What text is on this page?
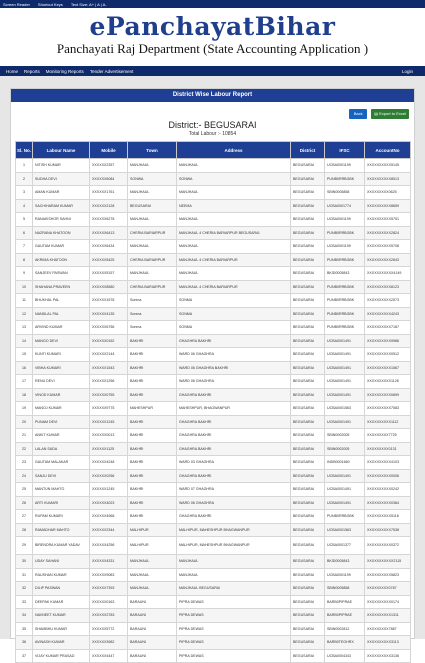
Screen Reader Shortcut Keys Text Size: A+ | A | A-
ePanchayatBihar
Panchayati Raj Department (State Accounting Application )
Home Reports Monitoring Reports Tender Advertisement	Login
District Wise Labour Report
Back	▤ Export to Excel
District:- BEGUSARAI
Total Labour :- 10854
Sl. No.	Labour Name	Mobile	Town	Address	District	IFSC	AccountNo
1	NITISH KUMAR	XXXXXX2357	MANJHAUL	MANJHAUL	BEGUSARAI	UCBA0001199	XXXXXXXXXX5145
2	SUDHA DEVI	XXXXXX6084	SONWA	SONWA	BEGUSARAI	PUNB0RRBGBK	XXXXXXXXXX8513
3	AMAN KUMAR	XXXXXX1761	MANJHAUL	MANJHAUL	BEGUSARAI	SBIN0005858	XXXXXXXXX0625
4	SACHIHARAM KUMAR	XXXXXX2128	BEGUSARAI	NEEMA	BEGUSARAI	UCBA0001774	XXXXXXXXXX8659
5	RANAKISHOR SAHNI	XXXXXX6278	MANJHAUL	MANJHAUL	BEGUSARAI	UCBA0001199	XXXXXXXXXX5751
6	NAZRANA KHATOON	XXXXXX6413	CHERIA BARIARPUR	MANJHAUL 4 CHERIA BARIARPUR BEGUSARAI	BEGUSARAI	PUNB0RRBGBK	XXXXXXXXXX2824
7	GAUTAM KUMAR	XXXXXX6434	MANJHAUL	MANJHAUL	BEGUSARAI	UCBA0001199	XXXXXXXXXX5708
8	AKRIMA KHATOON	XXXXXX5425	CHERIA BARIARPUR	MANJHAUL 4 CHERIA BARIARPUR	BEGUSARAI	PUNB0RRBGBK	XXXXXXXXXX2843
9	SANJEEV PASWAN	XXXXXX5157	MANJHAUL	MANJHAUL	BEGUSARAI	BKID0005843	XXXXXXXXXXX4149
10	SHAHANA PRAVEEN	XXXXXX8580	CHERIA BARIARPUR	MANJHAUL 4 CHERIA BARIARPUR	BEGUSARAI	PUNB0RRBGBK	XXXXXXXXXX8123
11	BHUKHAL PAL	XXXXXX1578	Sonma	SONMA	BEGUSARAI	PUNB0RRBGBK	XXXXXXXXXX2573
12	NANDLAL PAL	XXXXXX4135	Sonma	SONMA	BEGUSARAI	PUNB0RRBGBK	XXXXXXXXXX4243
13	ARVIND KUMAR	XXXXXX6756	Sonma	SONMA	BEGUSARAI	PUNB0RRBGBK	XXXXXXXXXX7187
14	MANGO DEVI	XXXXXX0152	BAKHRI	GHAGHRA BAKHRI	BEGUSARAI	UCBA0001491	XXXXXXXXXX9986
15	KUNTI KUMARI	XXXXXX2144	BAKHRI	WARD 06 GHAGHRA	BEGUSARAI	UCBA0001491	XXXXXXXXXX0512
16	VIBHA KUMARI	XXXXXX1543	BAKHRI	WARD 06 GHAGHRA BAKHRI	BEGUSARAI	UCBA0001491	XXXXXXXXXX1567
17	RENU DEVI	XXXXXX1256	BAKHRI	WARD 06 GHAGHRA	BEGUSARAI	UCBA0001491	XXXXXXXXXX1126
18	VINOD KUMAR	XXXXXX0755	BAKHRI	GHAGHRA BAKHRI	BEGUSARAI	UCBA0001491	XXXXXXXXXX0899
19	MANOJ KUMAR	XXXXXX9775	MAHESHPUR	MAHESHPUR, BHAGWANPUR	BEGUSARAI	UCBA0001563	XXXXXXXXXX7583
20	PUNAM DEVI	XXXXXX1245	BAKHRI	GHAGHRA BAKHRI	BEGUSARAI	UCBA0001491	XXXXXXXXXX1112
21	ANKIT KUMAR	XXXXXX0013	BAKHRI	GHAGHRA BAKHRI	BEGUSARAI	SBIN0002005	XXXXXXXXX7725
22	LALAN SADA	XXXXXX1125	BAKHRI	GHAGHRA BAKHRI	BEGUSARAI	SBIN0002005	XXXXXXXXX0131
23	GAUTAM MALAKAR	XXXXXX4248	BAKHRI	WARD 03 GHAGHRA	BEGUSARAI	INDB0001660	XXXXXXXXXX4103
24	SANJU DEVI	XXXXXX0256	BAKHRI	GHAGHRA BAKHRI	BEGUSARAI	UCBA0001491	XXXXXXXXXX0006
25	MANTUN MAHTO	XXXXXX1245	BAKHRI	WARD 07 GHAGHRA	BEGUSARAI	UCBA0001491	XXXXXXXXXX0242
26	ARTI KUMARI	XXXXXX4023	BAKHRI	WARD 06 GHAGHRA	BEGUSARAI	UCBA0001491	XXXXXXXXXX0384
27	RUPAM KUMARI	XXXXXX4968	BAKHRI	GHAGHRA BAKHRI	BEGUSARAI	PUNB0RRBGBK	XXXXXXXXXX5118
28	RAMADHAR MAHTO	XXXXXX2344	MALHIPUR	MALHIPUR, MAHESHPUR BHAGWANPUR	BEGUSARAI	UCBA0001563	XXXXXXXXXX7538
29	BIRENDRA KUMAR YADAV	XXXXXX4256	MALHIPUR	MALHIPUR, MAHESHPUR BHAGWANPUR	BEGUSARAI	UCBA0001377	XXXXXXXXXX0372
30	UDAY SAHANI	XXXXXX4331	MANJHAUL	MANJHAUL	BEGUSARAI	BKID0005843	XXXXXXXXXXX2115
31	RAUSHAN KUMAR	XXXXXX9083	MANJHAUL	MANJHAUL	BEGUSARAI	UCBA0001199	XXXXXXXXXX5823
32	DILIP PASWAN	XXXXXX7393	MANJHAUL	MANJHAUL BEGUSARAI	BEGUSARAI	SBIN0005858	XXXXXXXXX0787
33	DEEPAK KUMAR	XXXXXX0163	BARAUNI	PIPRA DEWAS	BEGUSARAI	BARB0PIPRAE	XXXXXXXXXX0174
34	NAVNEET KUMAR	XXXXXX2783	BARAUNI	PIPRA DEWAS	BEGUSARAI	BARB0PIPRAE	XXXXXXXXXX1311
35	SHAMBHU KUMAR	XXXXXX5772	BARAUNI	PIPRA DEWAS	BEGUSARAI	SBIN0002812	XXXXXXXXX7887
36	AVINASH KUMAR	XXXXXX3982	BARAUNI	PIPRA DEWAS	BEGUSARAI	BARB0TEGHRX	XXXXXXXXXX3113
37	VIJAY KUMAR PRASAD	XXXXXX4447	BARAUNI	PIPRA DEWAS	BEGUSARAI	UCBA0004343	XXXXXXXXXX3136
